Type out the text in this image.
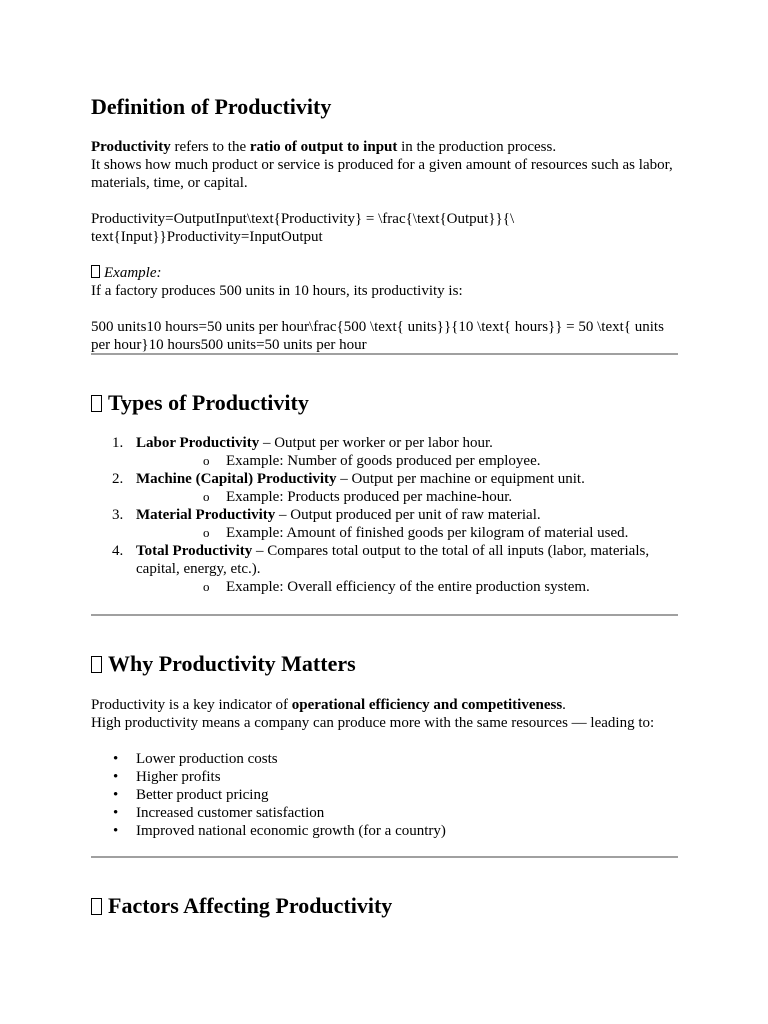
Definition of Productivity

Productivity refers to the ratio of output to input in the production process.

It shows how much product or service is produced for a given amount of resources such as labor, materials, time, or capital.

Productivity=OutputInput\text{Productivity} = \frac{\text{Output}}{\ text{Input}}Productivity=InputOutput

Example:

If a factory produces 500 units in 10 hours, its productivity is:

500 units10 hours=50 units per hour\frac{500 \text{ units}}{10 \text{ hours}} = 50 \text{ units per hour}10 hours500 units=50 units per hour
Types of Productivity
1. Labor Productivity – Output per worker or per labor hour.
o Example: Number of goods produced per employee.
2. Machine (Capital) Productivity – Output per machine or equipment unit.
o Example: Products produced per machine-hour.
3. Material Productivity – Output produced per unit of raw material.
o Example: Amount of finished goods per kilogram of material used.
4. Total Productivity – Compares total output to the total of all inputs (labor, materials, capital, energy, etc.).
o Example: Overall efficiency of the entire production system.
Why Productivity Matters

Productivity is a key indicator of operational efficiency and competitiveness.

High productivity means a company can produce more with the same resources — leading to:

• Lower production costs
• Higher profits
• Better product pricing
• Increased customer satisfaction
• Improved national economic growth (for a country)
Factors Affecting Productivity
